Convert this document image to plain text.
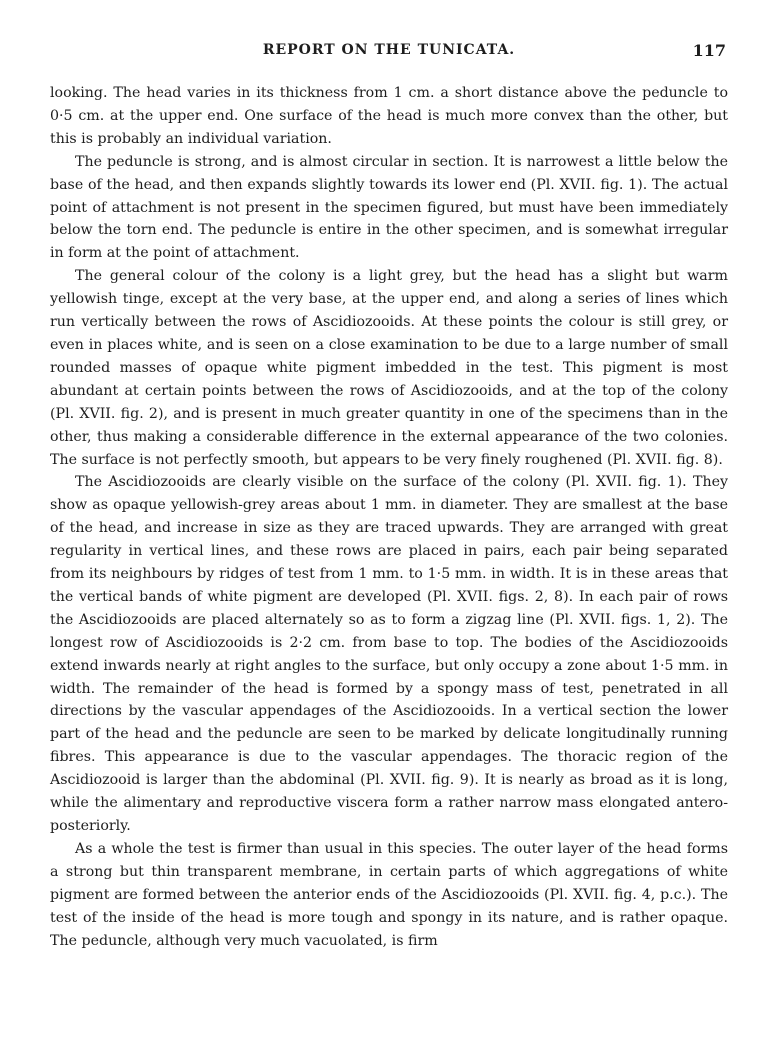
REPORT ON THE TUNICATA.	117

looking. The head varies in its thickness from 1 cm. a short distance above the peduncle to 0·5 cm. at the upper end. One surface of the head is much more convex than the other, but this is probably an individual variation.

The peduncle is strong, and is almost circular in section. It is narrowest a little below the base of the head, and then expands slightly towards its lower end (Pl. XVII. fig. 1). The actual point of attachment is not present in the specimen figured, but must have been immediately below the torn end. The peduncle is entire in the other specimen, and is somewhat irregular in form at the point of attachment.

The general colour of the colony is a light grey, but the head has a slight but warm yellowish tinge, except at the very base, at the upper end, and along a series of lines which run vertically between the rows of Ascidiozooids. At these points the colour is still grey, or even in places white, and is seen on a close examination to be due to a large number of small rounded masses of opaque white pigment imbedded in the test. This pigment is most abundant at certain points between the rows of Ascidiozooids, and at the top of the colony (Pl. XVII. fig. 2), and is present in much greater quantity in one of the specimens than in the other, thus making a considerable difference in the external appearance of the two colonies. The surface is not perfectly smooth, but appears to be very finely roughened (Pl. XVII. fig. 8).

The Ascidiozooids are clearly visible on the surface of the colony (Pl. XVII. fig. 1). They show as opaque yellowish-grey areas about 1 mm. in diameter. They are smallest at the base of the head, and increase in size as they are traced upwards. They are arranged with great regularity in vertical lines, and these rows are placed in pairs, each pair being separated from its neighbours by ridges of test from 1 mm. to 1·5 mm. in width. It is in these areas that the vertical bands of white pigment are developed (Pl. XVII. figs. 2, 8). In each pair of rows the Ascidiozooids are placed alternately so as to form a zigzag line (Pl. XVII. figs. 1, 2). The longest row of Ascidiozooids is 2·2 cm. from base to top. The bodies of the Ascidiozooids extend inwards nearly at right angles to the surface, but only occupy a zone about 1·5 mm. in width. The remainder of the head is formed by a spongy mass of test, penetrated in all directions by the vascular appendages of the Ascidiozooids. In a vertical section the lower part of the head and the peduncle are seen to be marked by delicate longitudinally running fibres. This appearance is due to the vascular appendages. The thoracic region of the Ascidiozooid is larger than the abdominal (Pl. XVII. fig. 9). It is nearly as broad as it is long, while the alimentary and reproductive viscera form a rather narrow mass elongated antero-posteriorly.

As a whole the test is firmer than usual in this species. The outer layer of the head forms a strong but thin transparent membrane, in certain parts of which aggregations of white pigment are formed between the anterior ends of the Ascidiozooids (Pl. XVII. fig. 4, p.c.). The test of the inside of the head is more tough and spongy in its nature, and is rather opaque. The peduncle, although very much vacuolated, is firm
